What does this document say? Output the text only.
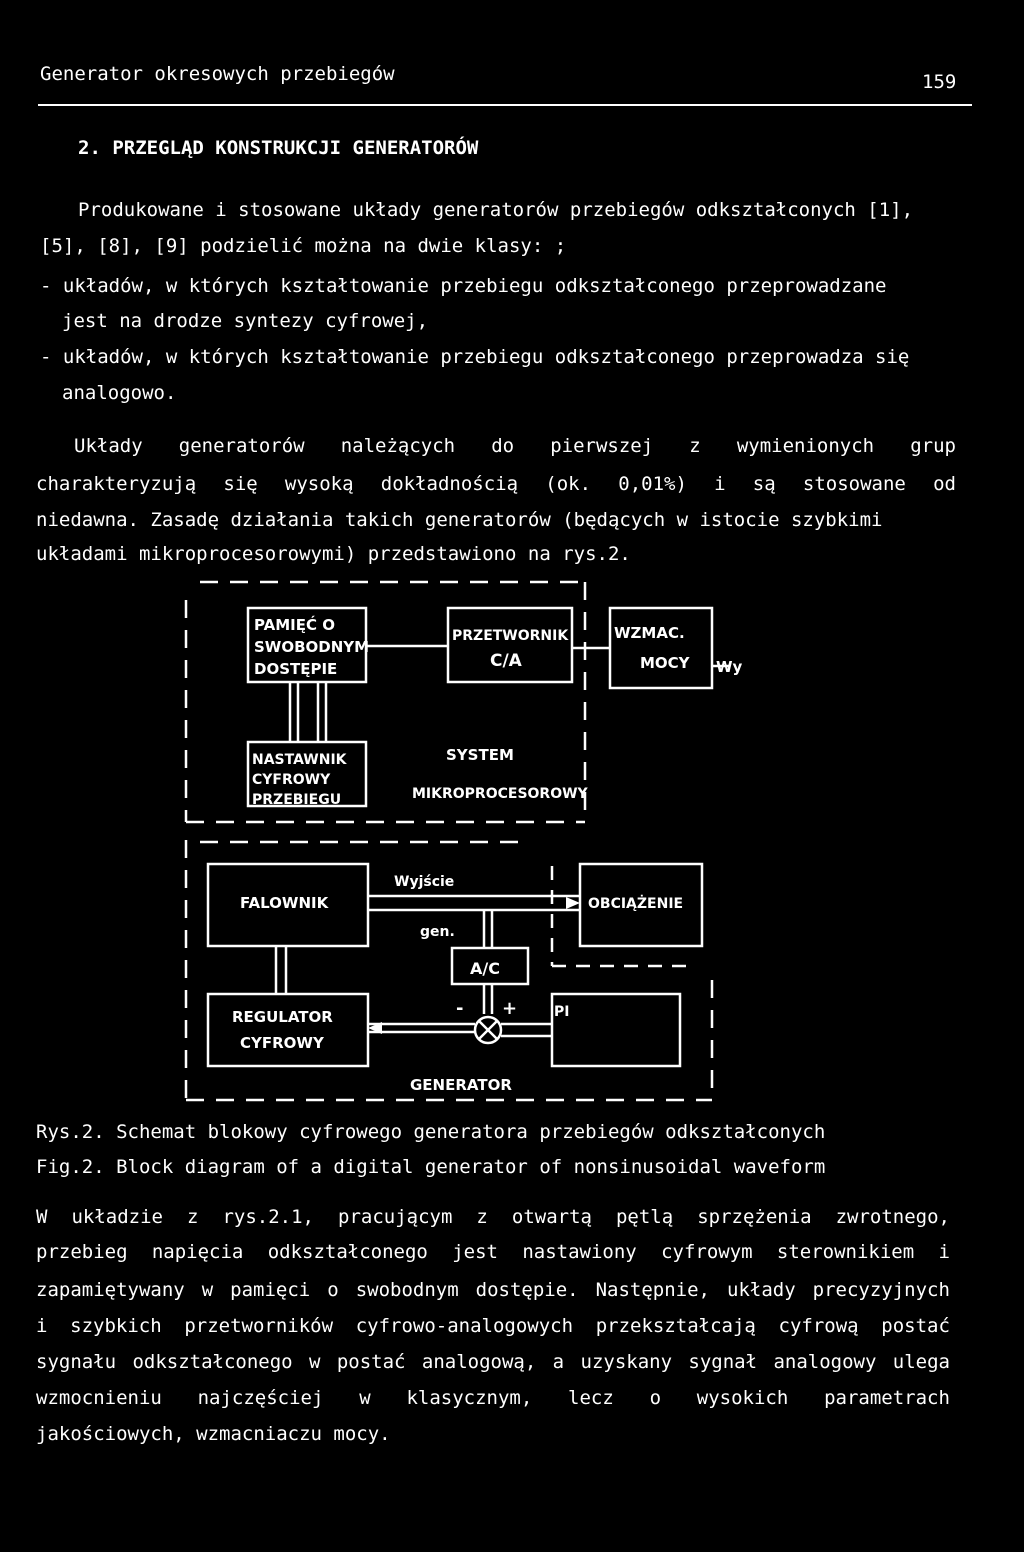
Generator okresowych przebiegów	159
2. PRZEGLĄD KONSTRUKCJI GENERATORÓW
Produkowane i stosowane układy generatorów przebiegów odkształconych [1],
[5], [8], [9] podzielić można na dwie klasy: ;
- układów, w których kształtowanie przebiegu odkształconego przeprowadzane
jest na drodze syntezy cyfrowej,
- układów, w których kształtowanie przebiegu odkształconego przeprowadza się
analogowo.
Układy generatorów należących do pierwszej z wymienionych grup
charakteryzują się wysoką dokładnością (ok. 0,01%) i są stosowane od
niedawna. Zasadę działania takich generatorów (będących w istocie szybkimi
układami mikroprocesorowymi) przedstawiono na rys.2.
PAMIĘĆ O
SWOBODNYM
DOSTĘPIE
PRZETWORNIK
C/A
WZMAC.
MOCY Wy
NASTAWNIK
CYFROWY
PRZEBIEGU
SYSTEM
MIKROPROCESOROWY
FALOWNIK
Wyjście
gen.
OBCIĄŻENIE
A/C
REGULATOR
CYFROWY
PI
- +
GENERATOR
Rys.2. Schemat blokowy cyfrowego generatora przebiegów odkształconych
Fig.2. Block diagram of a digital generator of nonsinusoidal waveform
W układzie z rys.2.1, pracującym z otwartą pętlą sprzężenia zwrotnego,
przebieg napięcia odkształconego jest nastawiony cyfrowym sterownikiem i
zapamiętywany w pamięci o swobodnym dostępie. Następnie, układy precyzyjnych
i szybkich przetworników cyfrowo-analogowych przekształcają cyfrową postać
sygnału odkształconego w postać analogową, a uzyskany sygnał analogowy ulega
wzmocnieniu najczęściej w klasycznym, lecz o wysokich parametrach
jakościowych, wzmacniaczu mocy.
